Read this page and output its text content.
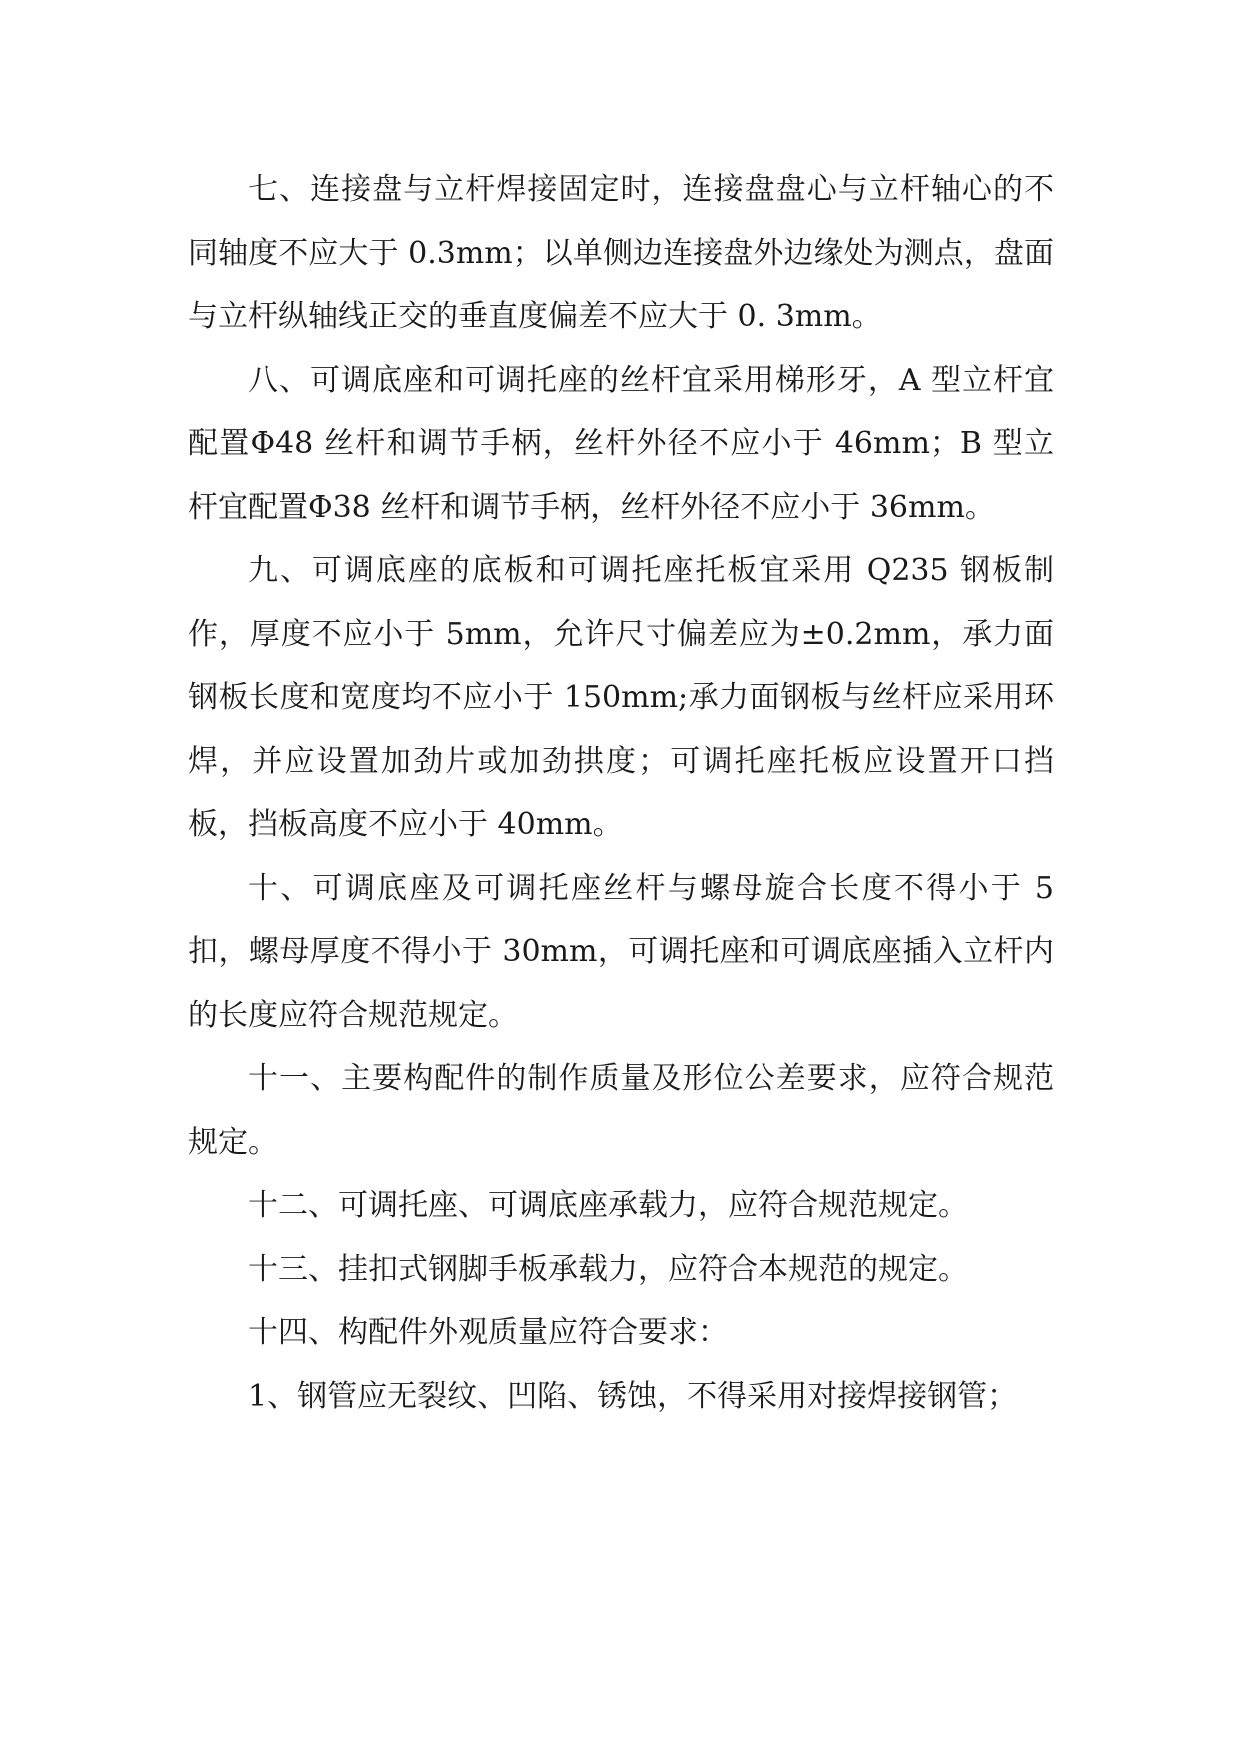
七、连接盘与立杆焊接固定时，连接盘盘心与立杆轴心的不同轴度不应大于 0.3mm；以单侧边连接盘外边缘处为测点，盘面与立杆纵轴线正交的垂直度偏差不应大于 0. 3mm。

八、可调底座和可调托座的丝杆宜采用梯形牙，A 型立杆宜配置Φ48 丝杆和调节手柄，丝杆外径不应小于 46mm；B 型立杆宜配置Φ38 丝杆和调节手柄，丝杆外径不应小于 36mm。

九、可调底座的底板和可调托座托板宜采用 Q235 钢板制作，厚度不应小于 5mm，允许尺寸偏差应为±0.2mm，承力面钢板长度和宽度均不应小于 150mm;承力面钢板与丝杆应采用环焊，并应设置加劲片或加劲拱度；可调托座托板应设置开口挡板，挡板高度不应小于 40mm。

十、可调底座及可调托座丝杆与螺母旋合长度不得小于 5 扣，螺母厚度不得小于 30mm，可调托座和可调底座插入立杆内的长度应符合规范规定。

十一、主要构配件的制作质量及形位公差要求，应符合规范规定。

十二、可调托座、可调底座承载力，应符合规范规定。

十三、挂扣式钢脚手板承载力，应符合本规范的规定。

十四、构配件外观质量应符合要求：

1、钢管应无裂纹、凹陷、锈蚀，不得采用对接焊接钢管；
